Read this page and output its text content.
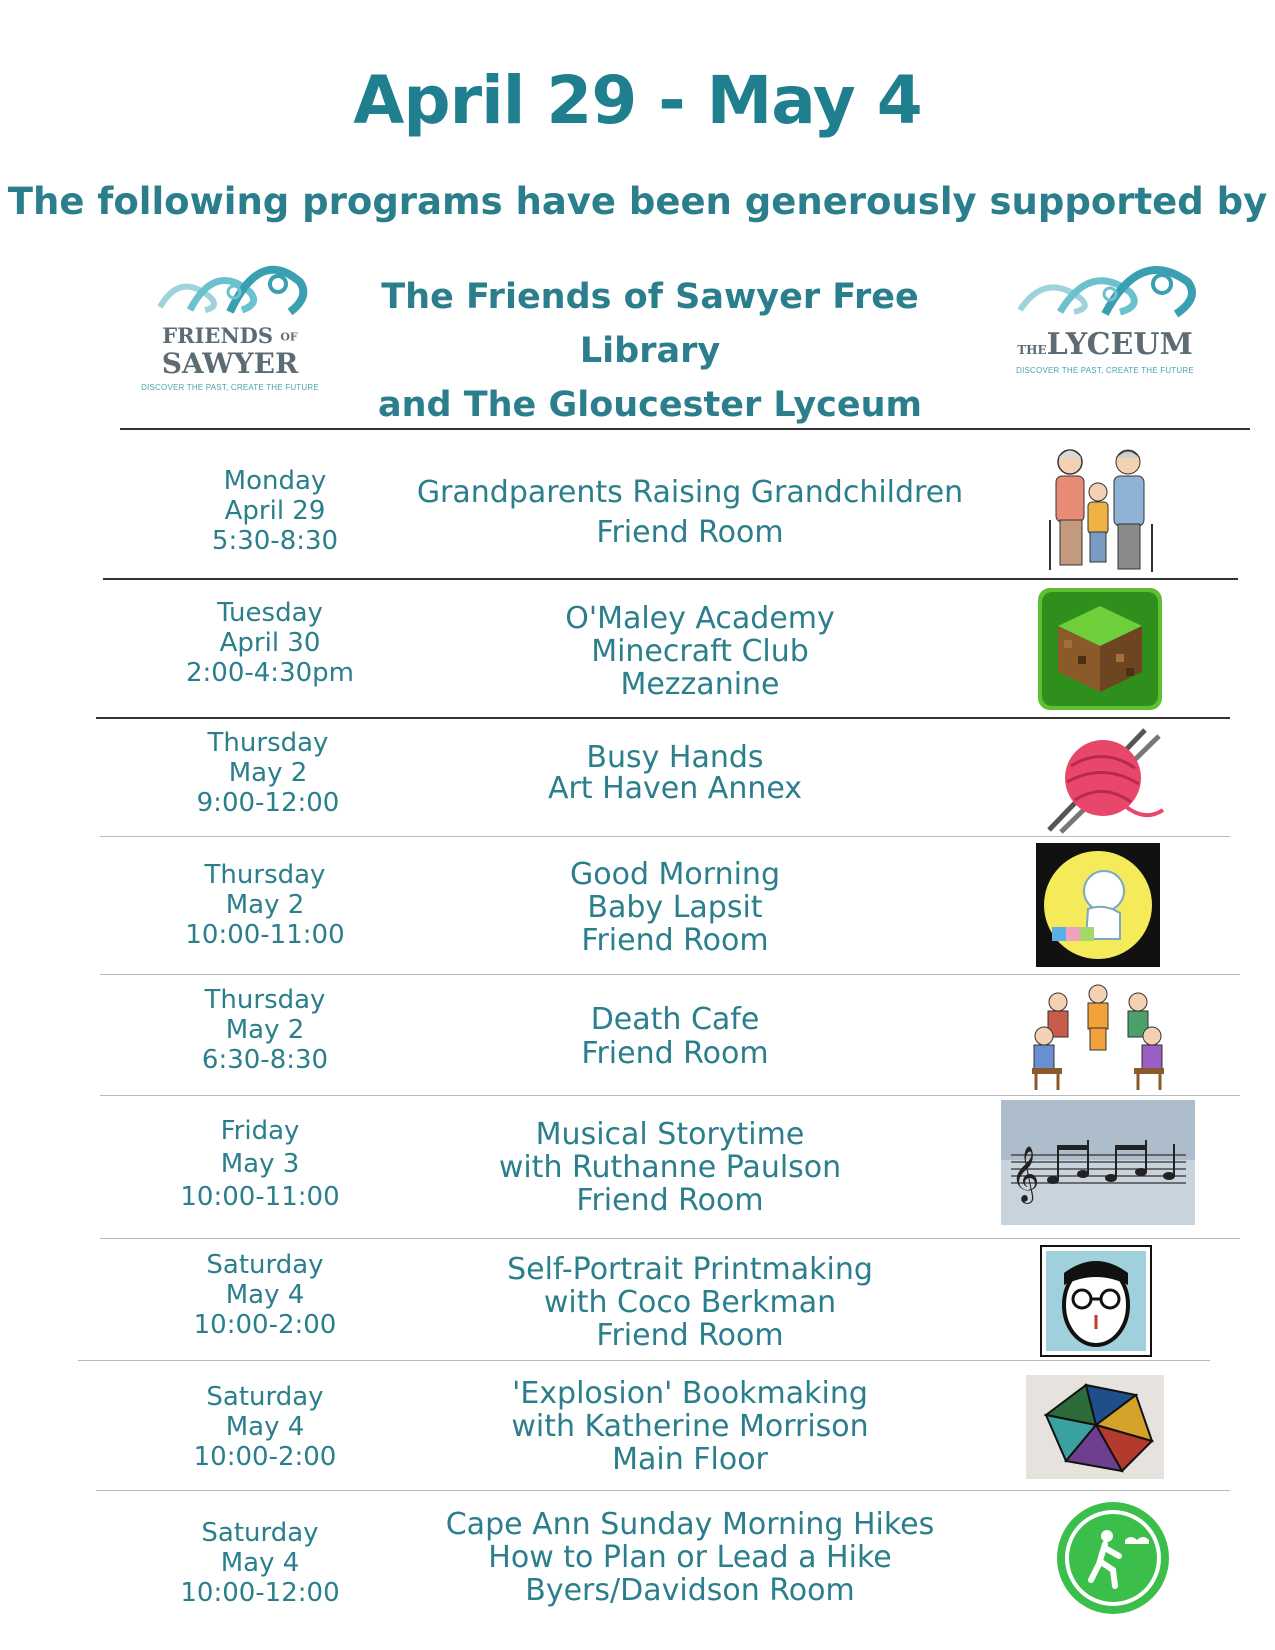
April 29 - May 4
The following programs have been generously supported by
FRIENDS OF
SAWYER
DISCOVER THE PAST, CREATE THE FUTURE
The Friends of Sawyer Free Library
and The Gloucester Lyceum
THELYCEUM
DISCOVER THE PAST, CREATE THE FUTURE
Monday
April 29
5:30-8:30
Grandparents Raising Grandchildren
Friend Room
Tuesday
April 30
2:00-4:30pm
O'Maley Academy
Minecraft Club
Mezzanine
Thursday
May 2
9:00-12:00
Busy Hands
Art Haven Annex
Thursday
May 2
10:00-11:00
Good Morning
Baby Lapsit
Friend Room
Thursday
May 2
6:30-8:30
Death Cafe
Friend Room
Friday
May 3
10:00-11:00
Musical Storytime
with Ruthanne Paulson
Friend Room	𝄞
Saturday
May 4
10:00-2:00
Self-Portrait Printmaking
with Coco Berkman
Friend Room
Saturday
May 4
10:00-2:00
'Explosion' Bookmaking
with Katherine Morrison
Main Floor
Saturday
May 4
10:00-12:00
Cape Ann Sunday Morning Hikes
How to Plan or Lead a Hike
Byers/Davidson Room
